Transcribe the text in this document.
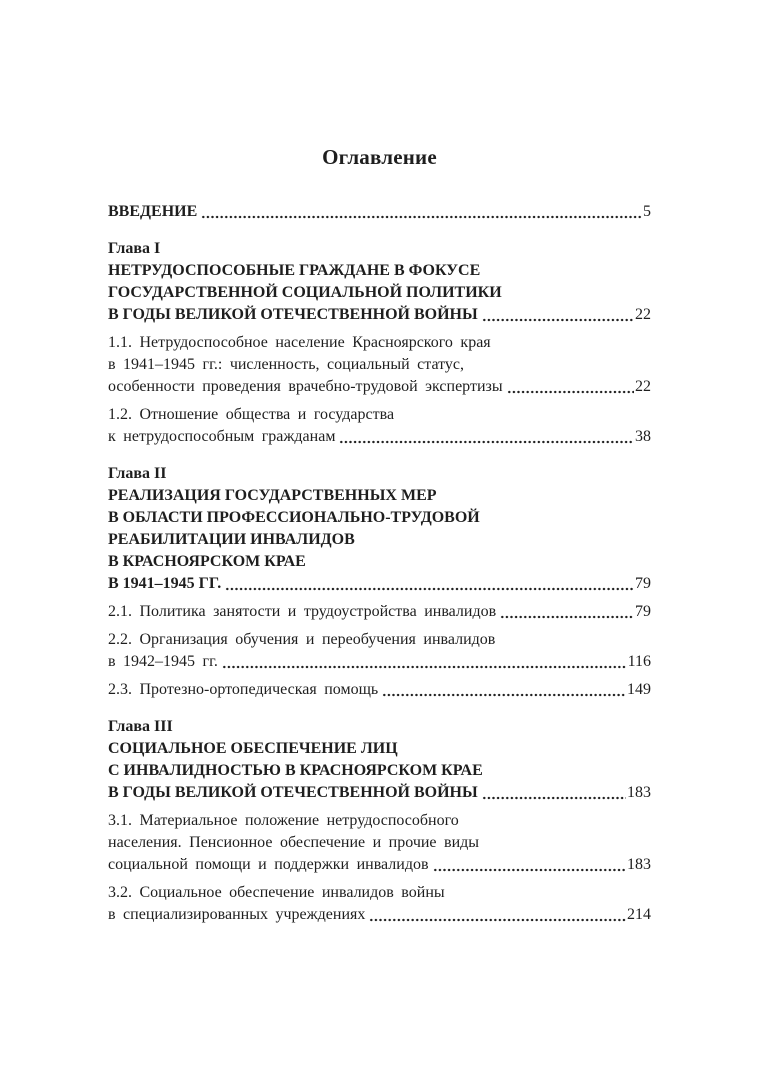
Оглавление
ВВЕДЕНИЕ	5
Глава I
НЕТРУДОСПОСОБНЫЕ ГРАЖДАНЕ В ФОКУСЕ
ГОСУДАРСТВЕННОЙ СОЦИАЛЬНОЙ ПОЛИТИКИ
В ГОДЫ ВЕЛИКОЙ ОТЕЧЕСТВЕННОЙ ВОЙНЫ	22
1.1. Нетрудоспособное население Красноярского края
в 1941–1945 гг.: численность, социальный статус,
особенности проведения врачебно-трудовой экспертизы	22
1.2. Отношение общества и государства
к нетрудоспособным гражданам	38
Глава II
РЕАЛИЗАЦИЯ ГОСУДАРСТВЕННЫХ МЕР
В ОБЛАСТИ ПРОФЕССИОНАЛЬНО-ТРУДОВОЙ
РЕАБИЛИТАЦИИ ИНВАЛИДОВ
В КРАСНОЯРСКОМ КРАЕ
В 1941–1945 ГГ.	79
2.1. Политика занятости и трудоустройства инвалидов	79
2.2. Организация обучения и переобучения инвалидов
в 1942–1945 гг.	116
2.3. Протезно-ортопедическая помощь	149
Глава III
СОЦИАЛЬНОЕ ОБЕСПЕЧЕНИЕ ЛИЦ
С ИНВАЛИДНОСТЬЮ В КРАСНОЯРСКОМ КРАЕ
В ГОДЫ ВЕЛИКОЙ ОТЕЧЕСТВЕННОЙ ВОЙНЫ	183
3.1. Материальное положение нетрудоспособного
населения. Пенсионное обеспечение и прочие виды
социальной помощи и поддержки инвалидов	183
3.2. Социальное обеспечение инвалидов войны
в специализированных учреждениях	214
